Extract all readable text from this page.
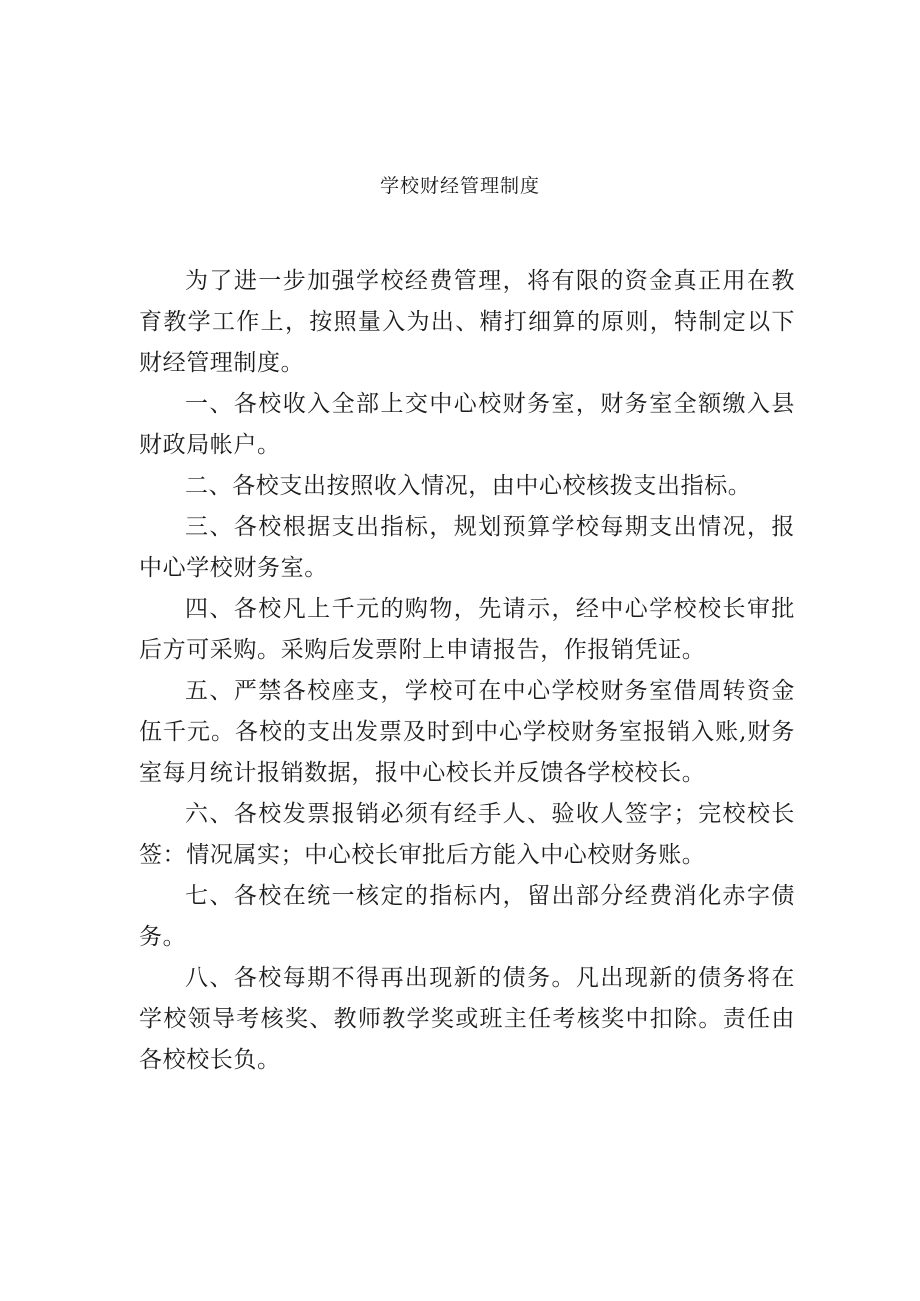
学校财经管理制度

为了进一步加强学校经费管理，将有限的资金真正用在教育教学工作上，按照量入为出、精打细算的原则，特制定以下财经管理制度。

一、各校收入全部上交中心校财务室，财务室全额缴入县财政局帐户。

二、各校支出按照收入情况，由中心校核拨支出指标。

三、各校根据支出指标，规划预算学校每期支出情况，报中心学校财务室。

四、各校凡上千元的购物，先请示，经中心学校校长审批后方可采购。采购后发票附上申请报告，作报销凭证。

五、严禁各校座支，学校可在中心学校财务室借周转资金伍千元。各校的支出发票及时到中心学校财务室报销入账,财务室每月统计报销数据，报中心校长并反馈各学校校长。

六、各校发票报销必须有经手人、验收人签字；完校校长签：情况属实；中心校长审批后方能入中心校财务账。

七、各校在统一核定的指标内，留出部分经费消化赤字债务。

八、各校每期不得再出现新的债务。凡出现新的债务将在学校领导考核奖、教师教学奖或班主任考核奖中扣除。责任由各校校长负。
